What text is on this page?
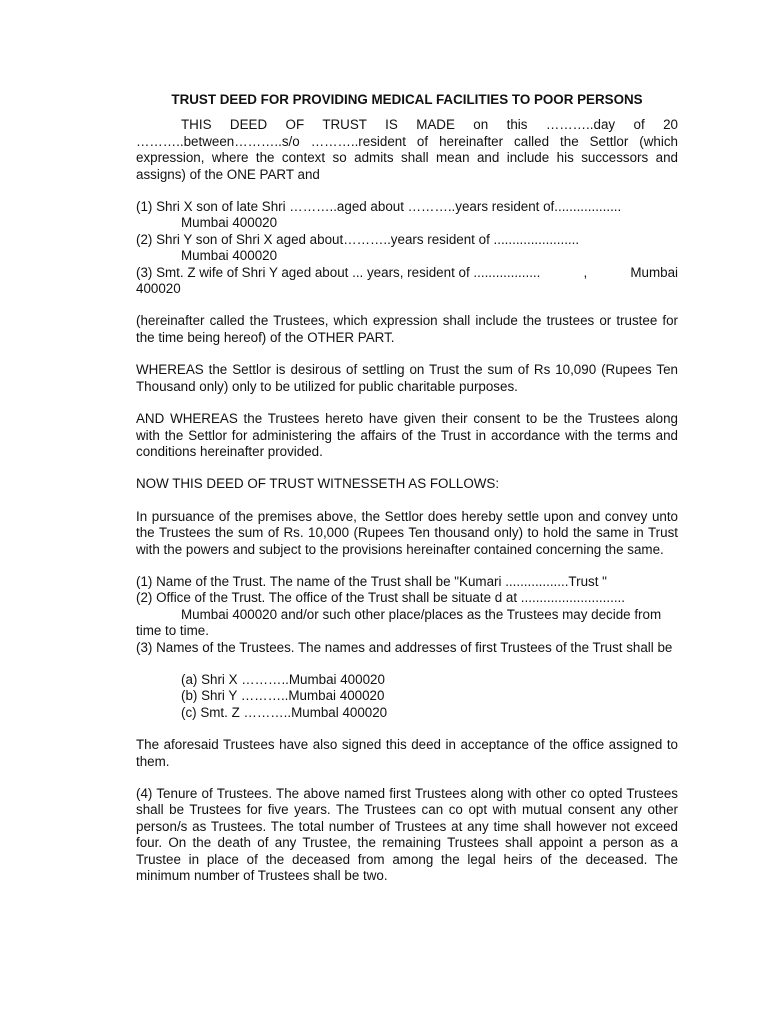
TRUST DEED FOR PROVIDING MEDICAL FACILITIES TO POOR PERSONS

THIS DEED OF TRUST IS MADE on this ………..day of 20 ………..between………..s/o ………..resident of hereinafter called the Settlor (which expression, where the context so admits shall mean and include his successors and assigns) of the ONE PART and

(1) Shri X son of late Shri ………..aged about ………..years resident of..................

Mumbai 400020

(2) Shri Y son of Shri X aged about………..years resident of .......................

Mumbai 400020

(3) Smt. Z wife of Shri Y aged about ... years, resident of ..................	,	Mumbai

400020

(hereinafter called the Trustees, which expression shall include the trustees or trustee for the time being hereof) of the OTHER PART.

WHEREAS the Settlor is desirous of settling on Trust the sum of Rs 10,090 (Rupees Ten Thousand only) only to be utilized for public charitable purposes.

AND WHEREAS the Trustees hereto have given their consent to be the Trustees along with the Settlor for administering the affairs of the Trust in accordance with the terms and conditions hereinafter provided.

NOW THIS DEED OF TRUST WITNESSETH AS FOLLOWS:

In pursuance of the premises above, the Settlor does hereby settle upon and convey unto the Trustees the sum of Rs. 10,000 (Rupees Ten thousand only) to hold the same in Trust with the powers and subject to the provisions hereinafter contained concerning the same.

(1) Name of the Trust. The name of the Trust shall be "Kumari .................Trust "

(2) Office of the Trust. The office of the Trust shall be situate d at ............................

Mumbai 400020 and/or such other place/places as the Trustees may decide from

time to time.

(3) Names of the Trustees. The names and addresses of first Trustees of the Trust shall be

(a) Shri X ………..Mumbai 400020

(b) Shri Y ………..Mumbai 400020

(c) Smt. Z ………..Mumbal 400020

The aforesaid Trustees have also signed this deed in acceptance of the office assigned to them.

(4) Tenure of Trustees. The above named first Trustees along with other co opted Trustees shall be Trustees for five years. The Trustees can co opt with mutual consent any other person/s as Trustees. The total number of Trustees at any time shall however not exceed four. On the death of any Trustee, the remaining Trustees shall appoint a person as a Trustee in place of the deceased from among the legal heirs of the deceased. The minimum number of Trustees shall be two.
